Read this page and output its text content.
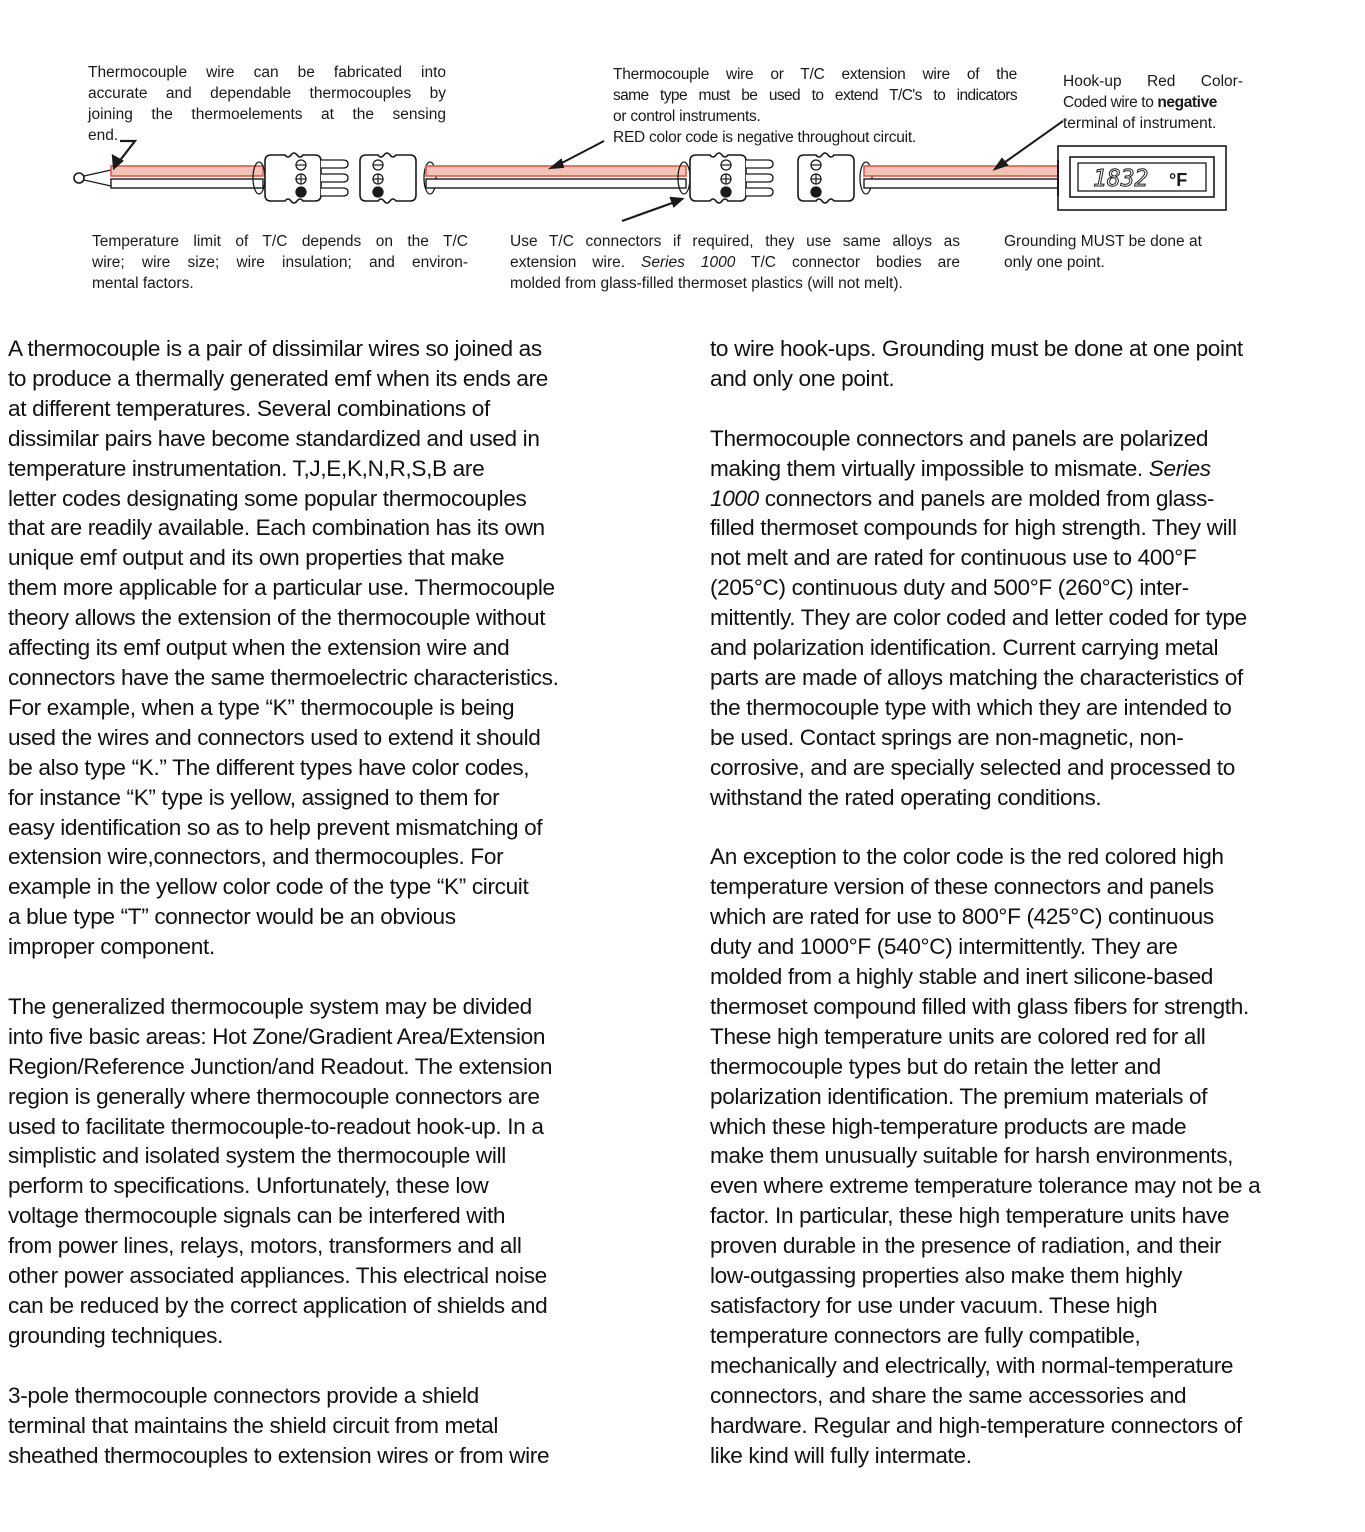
1832 °F
Thermocouple wire can be fabricated into
accurate and dependable thermocouples by
joining the thermoelements at the sensing
end.
Thermocouple wire or T/C extension wire of the
same type must be used to extend T/C's to indicators
or control instruments.
RED color code is negative throughout circuit.
Hook-up Red Color-
Coded wire to negative
terminal of instrument.
Temperature limit of T/C depends on the T/C
wire; wire size; wire insulation; and environ-
mental factors.
Use T/C connectors if required, they use same alloys as
extension wire. Series 1000 T/C connector bodies are
molded from glass-filled thermoset plastics (will not melt).
Grounding MUST be done at
only one point.
A thermocouple is a pair of dissimilar wires so joined as
to produce a thermally generated emf when its ends are
at different temperatures. Several combinations of
dissimilar pairs have become standardized and used in
temperature instrumentation. T,J,E,K,N,R,S,B are
letter codes designating some popular thermocouples
that are readily available. Each combination has its own
unique emf output and its own properties that make
them more applicable for a particular use. Thermocouple
theory allows the extension of the thermocouple without
affecting its emf output when the extension wire and
connectors have the same thermoelectric characteristics.
For example, when a type “K” thermocouple is being
used the wires and connectors used to extend it should
be also type “K.” The different types have color codes,
for instance “K” type is yellow, assigned to them for
easy identification so as to help prevent mismatching of
extension wire,connectors, and thermocouples. For
example in the yellow color code of the type “K” circuit
a blue type “T” connector would be an obvious
improper component.
The generalized thermocouple system may be divided
into five basic areas: Hot Zone/Gradient Area/Extension
Region/Reference Junction/and Readout. The extension
region is generally where thermocouple connectors are
used to facilitate thermocouple-to-readout hook-up. In a
simplistic and isolated system the thermocouple will
perform to specifications. Unfortunately, these low
voltage thermocouple signals can be interfered with
from power lines, relays, motors, transformers and all
other power associated appliances. This electrical noise
can be reduced by the correct application of shields and
grounding techniques.
3-pole thermocouple connectors provide a shield
terminal that maintains the shield circuit from metal
sheathed thermocouples to extension wires or from wire
to wire hook-ups. Grounding must be done at one point
and only one point.
Thermocouple connectors and panels are polarized
making them virtually impossible to mismate. Series
1000 connectors and panels are molded from glass-
filled thermoset compounds for high strength. They will
not melt and are rated for continuous use to 400°F
(205°C) continuous duty and 500°F (260°C) inter-
mittently. They are color coded and letter coded for type
and polarization identification. Current carrying metal
parts are made of alloys matching the characteristics of
the thermocouple type with which they are intended to
be used. Contact springs are non-magnetic, non-
corrosive, and are specially selected and processed to
withstand the rated operating conditions.
An exception to the color code is the red colored high
temperature version of these connectors and panels
which are rated for use to 800°F (425°C) continuous
duty and 1000°F (540°C) intermittently. They are
molded from a highly stable and inert silicone-based
thermoset compound filled with glass fibers for strength.
These high temperature units are colored red for all
thermocouple types but do retain the letter and
polarization identification. The premium materials of
which these high-temperature products are made
make them unusually suitable for harsh environments,
even where extreme temperature tolerance may not be a
factor. In particular, these high temperature units have
proven durable in the presence of radiation, and their
low-outgassing properties also make them highly
satisfactory for use under vacuum. These high
temperature connectors are fully compatible,
mechanically and electrically, with normal-temperature
connectors, and share the same accessories and
hardware. Regular and high-temperature connectors of
like kind will fully intermate.
